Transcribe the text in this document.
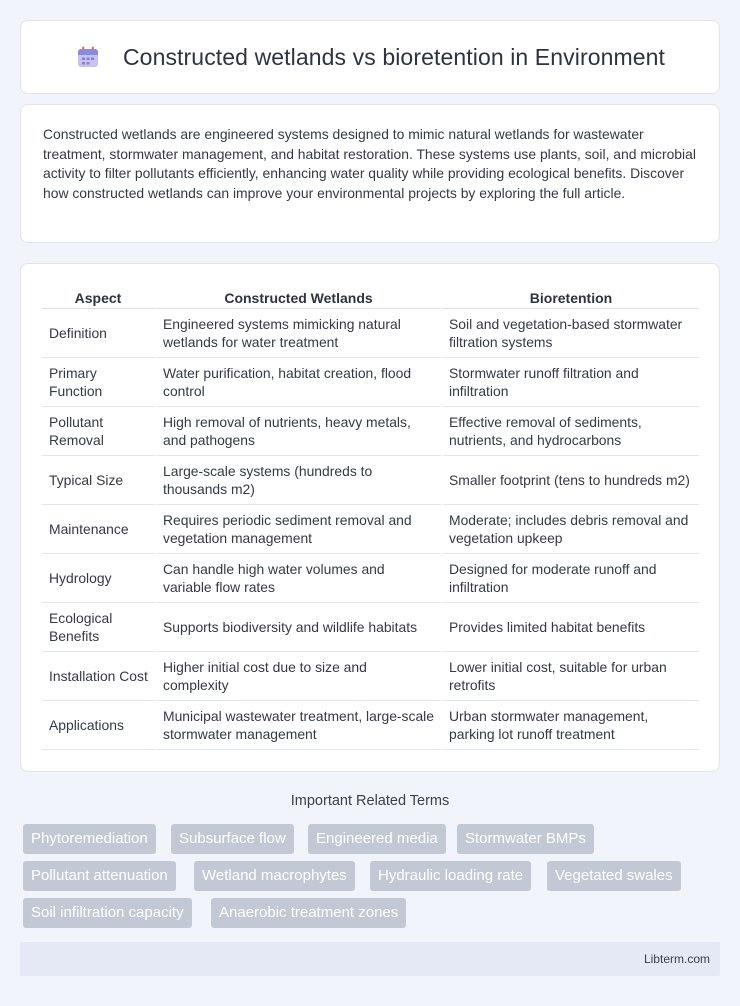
Constructed wetlands vs bioretention in Environment

Constructed wetlands are engineered systems designed to mimic natural wetlands for wastewater treatment, stormwater management, and habitat restoration. These systems use plants, soil, and microbial activity to filter pollutants efficiently, enhancing water quality while providing ecological benefits. Discover how constructed wetlands can improve your environmental projects by exploring the full article.

Aspect	Constructed Wetlands	Bioretention
Definition	Engineered systems mimicking natural wetlands for water treatment	Soil and vegetation-based stormwater filtration systems
Primary Function	Water purification, habitat creation, flood control	Stormwater runoff filtration and infiltration
Pollutant Removal	High removal of nutrients, heavy metals, and pathogens	Effective removal of sediments, nutrients, and hydrocarbons
Typical Size	Large-scale systems (hundreds to thousands m2)	Smaller footprint (tens to hundreds m2)
Maintenance	Requires periodic sediment removal and vegetation management	Moderate; includes debris removal and vegetation upkeep
Hydrology	Can handle high water volumes and variable flow rates	Designed for moderate runoff and infiltration
Ecological Benefits	Supports biodiversity and wildlife habitats	Provides limited habitat benefits
Installation Cost	Higher initial cost due to size and complexity	Lower initial cost, suitable for urban retrofits
Applications	Municipal wastewater treatment, large-scale stormwater management	Urban stormwater management, parking lot runoff treatment
Important Related Terms
Phytoremediation	Subsurface flow	Engineered media	Stormwater BMPs
Pollutant attenuation	Wetland macrophytes	Hydraulic loading rate	Vegetated swales
Soil infiltration capacity	Anaerobic treatment zones
Libterm.com
